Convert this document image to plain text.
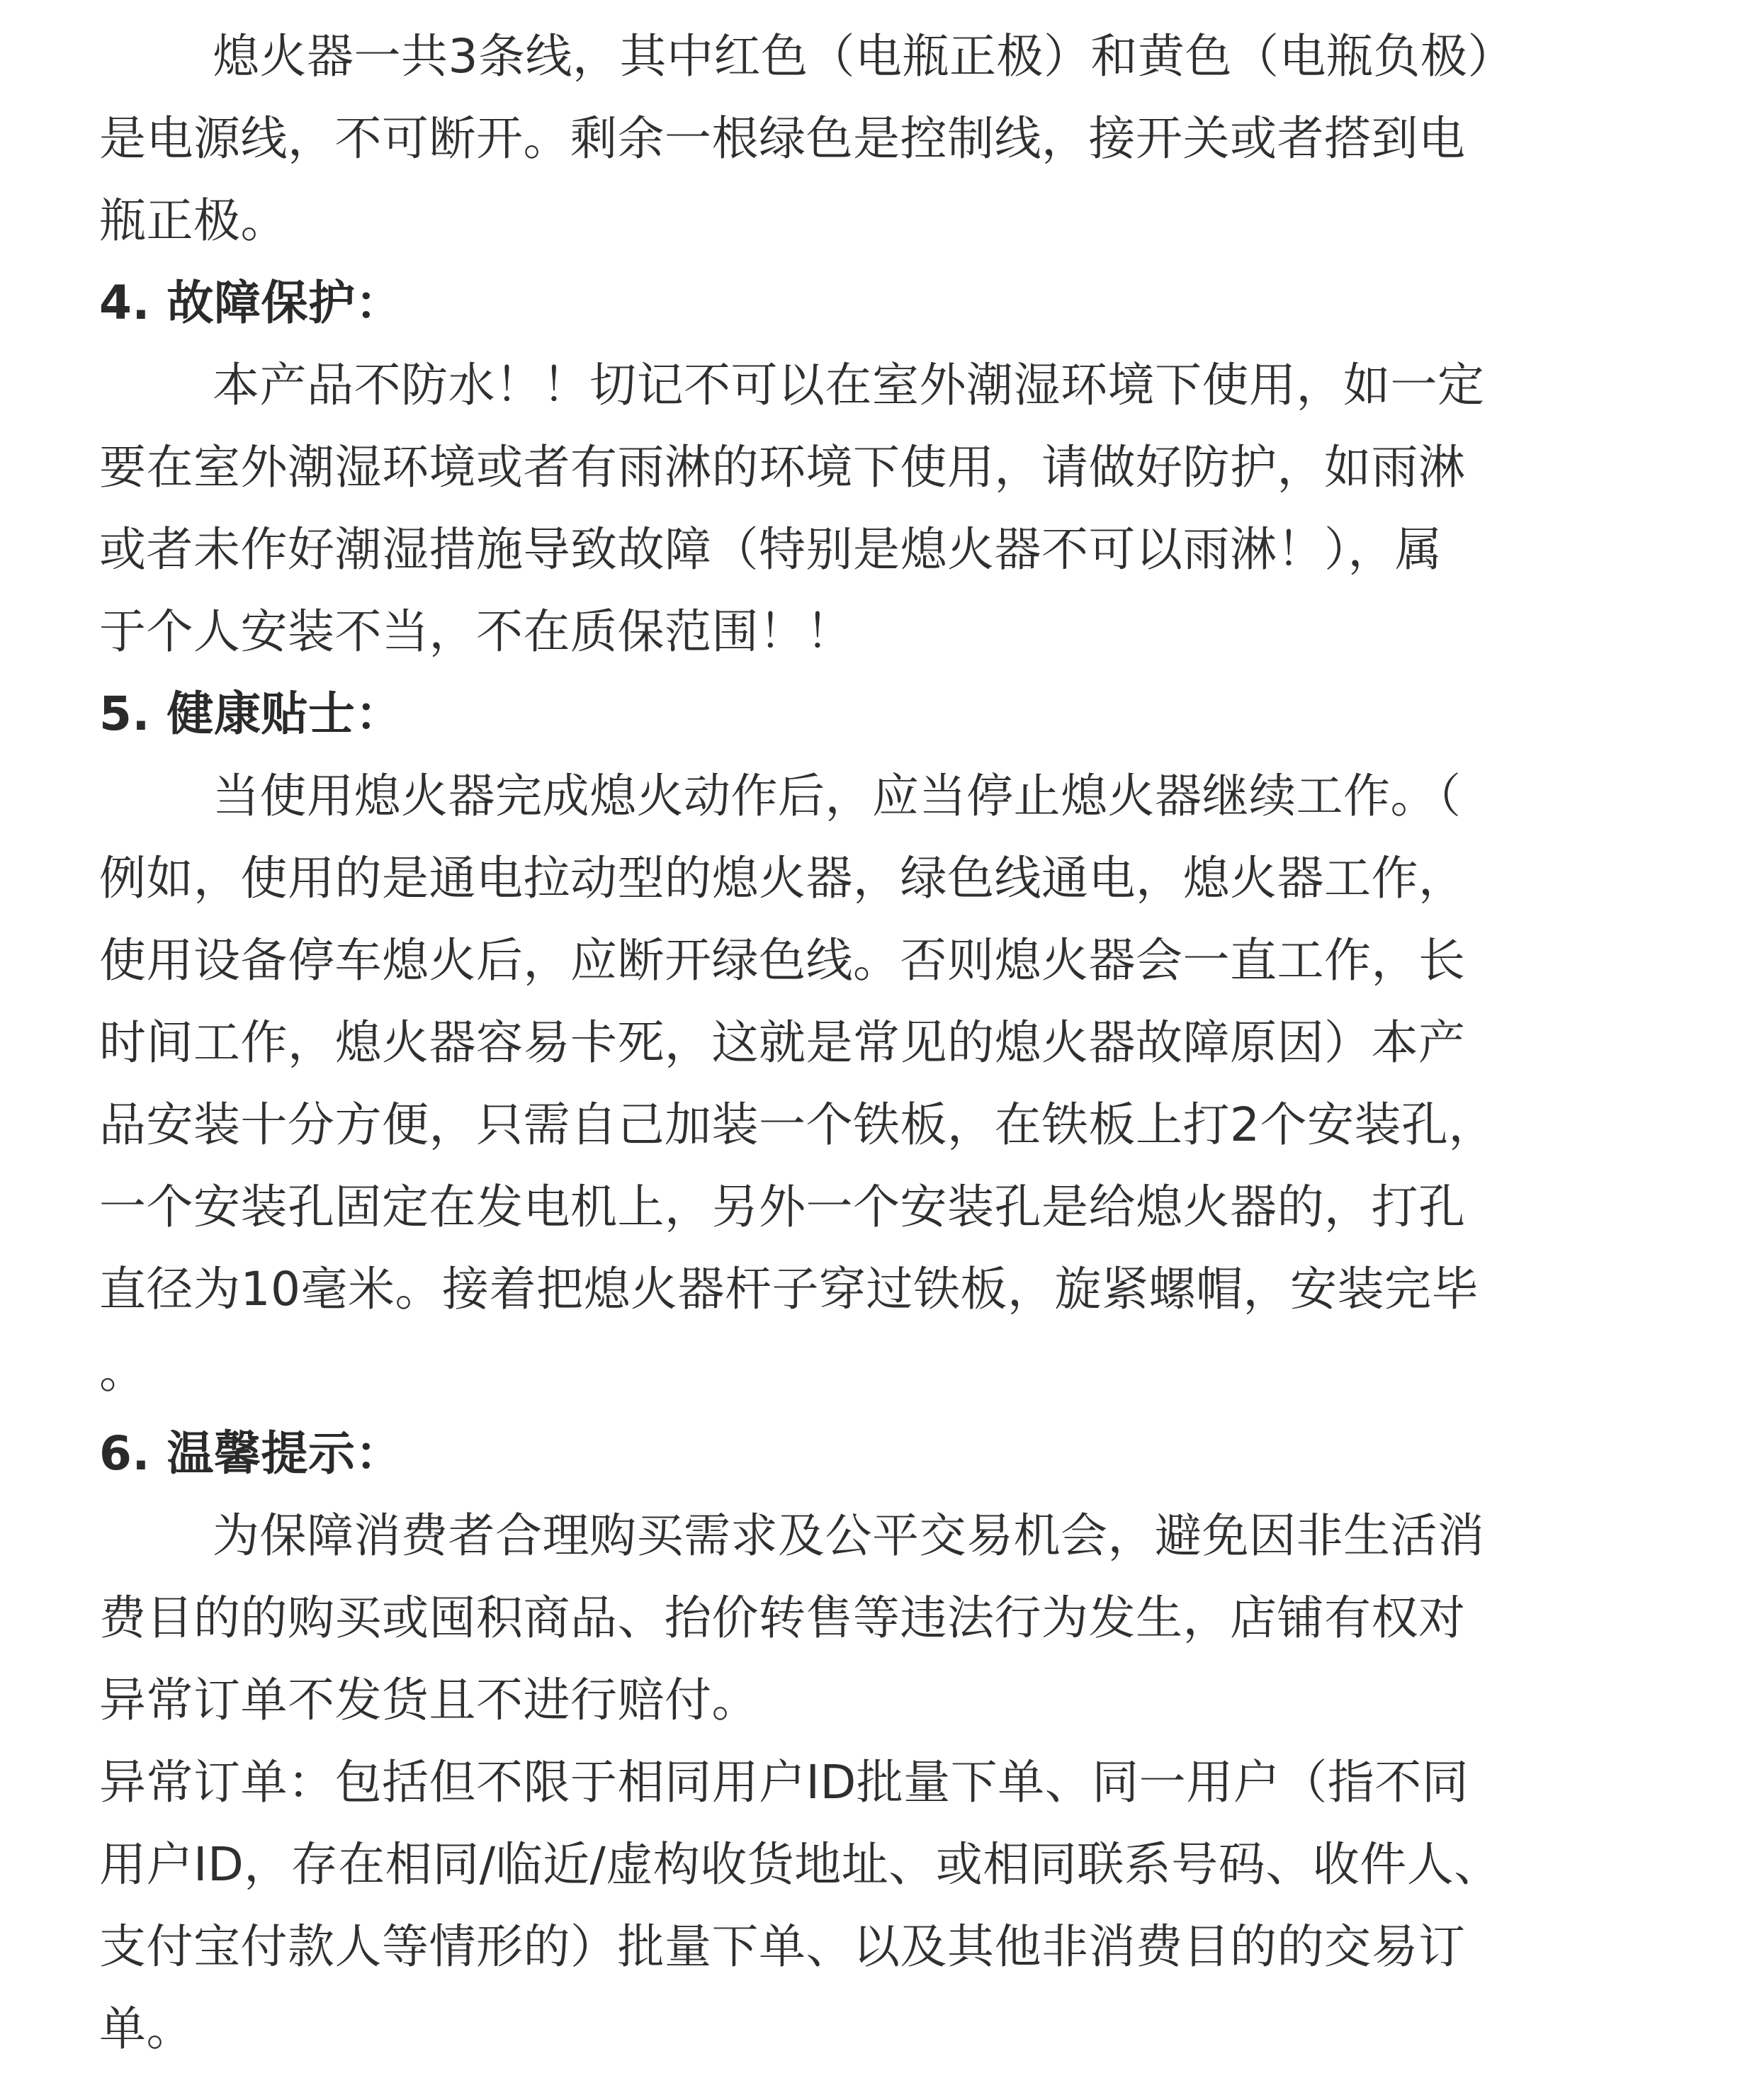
熄火器一共3条线，其中红色（电瓶正极）和黄色（电瓶负极）
是电源线，不可断开。剩余一根绿色是控制线，接开关或者搭到电
瓶正极。
4. 故障保护：
本产品不防水！！切记不可以在室外潮湿环境下使用，如一定
要在室外潮湿环境或者有雨淋的环境下使用，请做好防护，如雨淋
或者未作好潮湿措施导致故障（特别是熄火器不可以雨淋！），属
于个人安装不当，不在质保范围！！
5. 健康贴士：
当使用熄火器完成熄火动作后，应当停止熄火器继续工作。（
例如，使用的是通电拉动型的熄火器，绿色线通电，熄火器工作，
使用设备停车熄火后，应断开绿色线。否则熄火器会一直工作，长
时间工作，熄火器容易卡死，这就是常见的熄火器故障原因）本产
品安装十分方便，只需自己加装一个铁板，在铁板上打2个安装孔，
一个安装孔固定在发电机上，另外一个安装孔是给熄火器的，打孔
直径为10毫米。接着把熄火器杆子穿过铁板，旋紧螺帽，安装完毕
。
6. 温馨提示：
为保障消费者合理购买需求及公平交易机会，避免因非生活消
费目的的购买或囤积商品、抬价转售等违法行为发生，店铺有权对
异常订单不发货且不进行赔付。
异常订单：包括但不限于相同用户ID批量下单、同一用户（指不同
用户ID，存在相同/临近/虚构收货地址、或相同联系号码、收件人、
支付宝付款人等情形的）批量下单、以及其他非消费目的的交易订
单。
